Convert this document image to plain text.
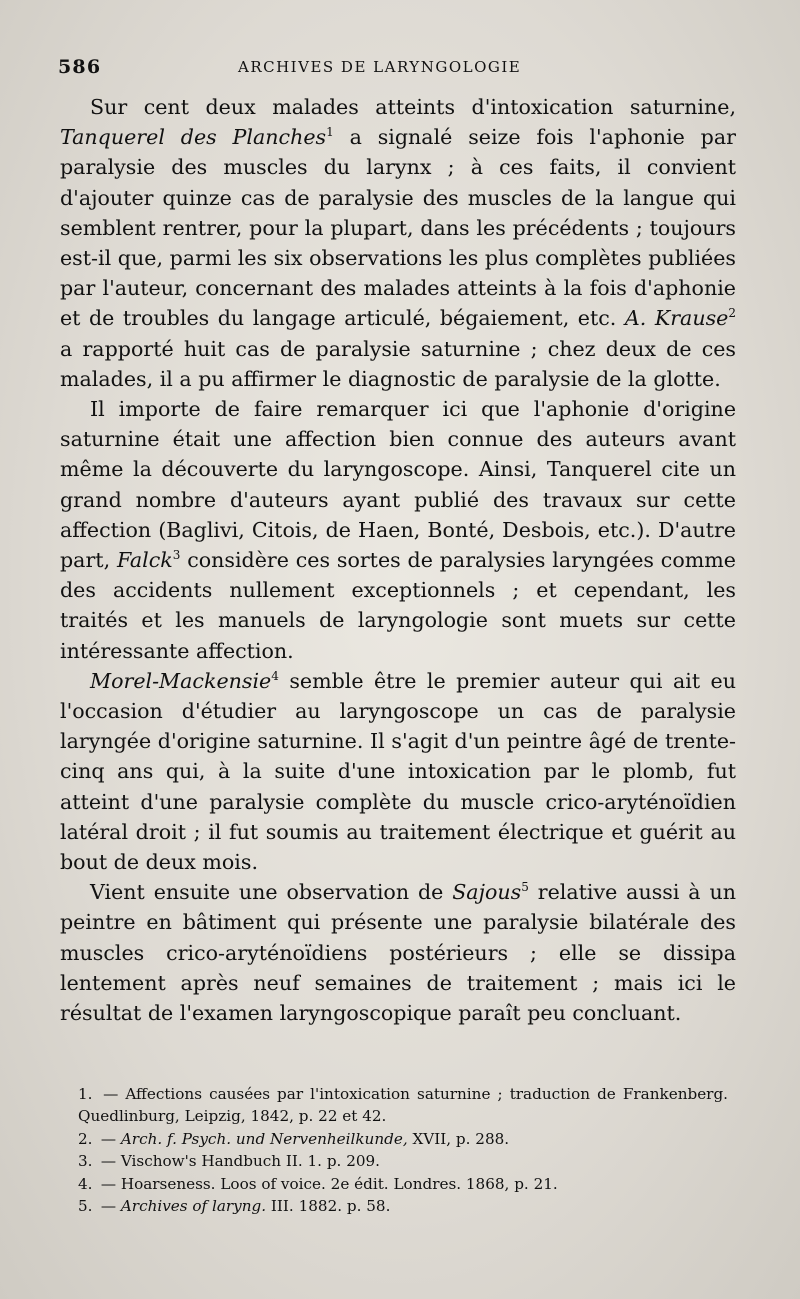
586	ARCHIVES DE LARYNGOLOGIE

Sur cent deux malades atteints d'intoxication saturnine, Tanquerel des Planches$^1$ a signalé seize fois l'aphonie par paralysie des muscles du larynx ; à ces faits, il convient d'ajouter quinze cas de paralysie des muscles de la langue qui semblent rentrer, pour la plupart, dans les précédents ; toujours est-il que, parmi les six observations les plus complètes publiées par l'auteur, concernant des malades atteints à la fois d'aphonie et de troubles du langage articulé, bégaiement, etc. A. Krause$^2$ a rapporté huit cas de paralysie saturnine ; chez deux de ces malades, il a pu affirmer le diagnostic de paralysie de la glotte.

Il importe de faire remarquer ici que l'aphonie d'origine saturnine était une affection bien connue des auteurs avant même la découverte du laryngoscope. Ainsi, Tanquerel cite un grand nombre d'auteurs ayant publié des travaux sur cette affection (Baglivi, Citois, de Haen, Bonté, Desbois, etc.). D'autre part, Falck$^3$ considère ces sortes de paralysies laryngées comme des accidents nullement exceptionnels ; et cependant, les traités et les manuels de laryngologie sont muets sur cette intéressante affection.

Morel-Mackensie$^4$ semble être le premier auteur qui ait eu l'occasion d'étudier au laryngoscope un cas de paralysie laryngée d'origine saturnine. Il s'agit d'un peintre âgé de trente-cinq ans qui, à la suite d'une intoxication par le plomb, fut atteint d'une paralysie complète du muscle crico-aryténoïdien latéral droit ; il fut soumis au traitement électrique et guérit au bout de deux mois.

Vient ensuite une observation de Sajous$^5$ relative aussi à un peintre en bâtiment qui présente une paralysie bilatérale des muscles crico-aryténoïdiens postérieurs ; elle se dissipa lentement après neuf semaines de traitement ; mais ici le résultat de l'examen laryngoscopique paraît peu concluant.

1. — Affections causées par l'intoxication saturnine ; traduction de Frankenberg. Quedlinburg, Leipzig, 1842, p. 22 et 42.

2. — Arch. f. Psych. und Nervenheilkunde, XVII, p. 288.

3. — Vischow's Handbuch II. 1. p. 209.

4. — Hoarseness. Loos of voice. 2e édit. Londres. 1868, p. 21.

5. — Archives of laryng. III. 1882. p. 58.
